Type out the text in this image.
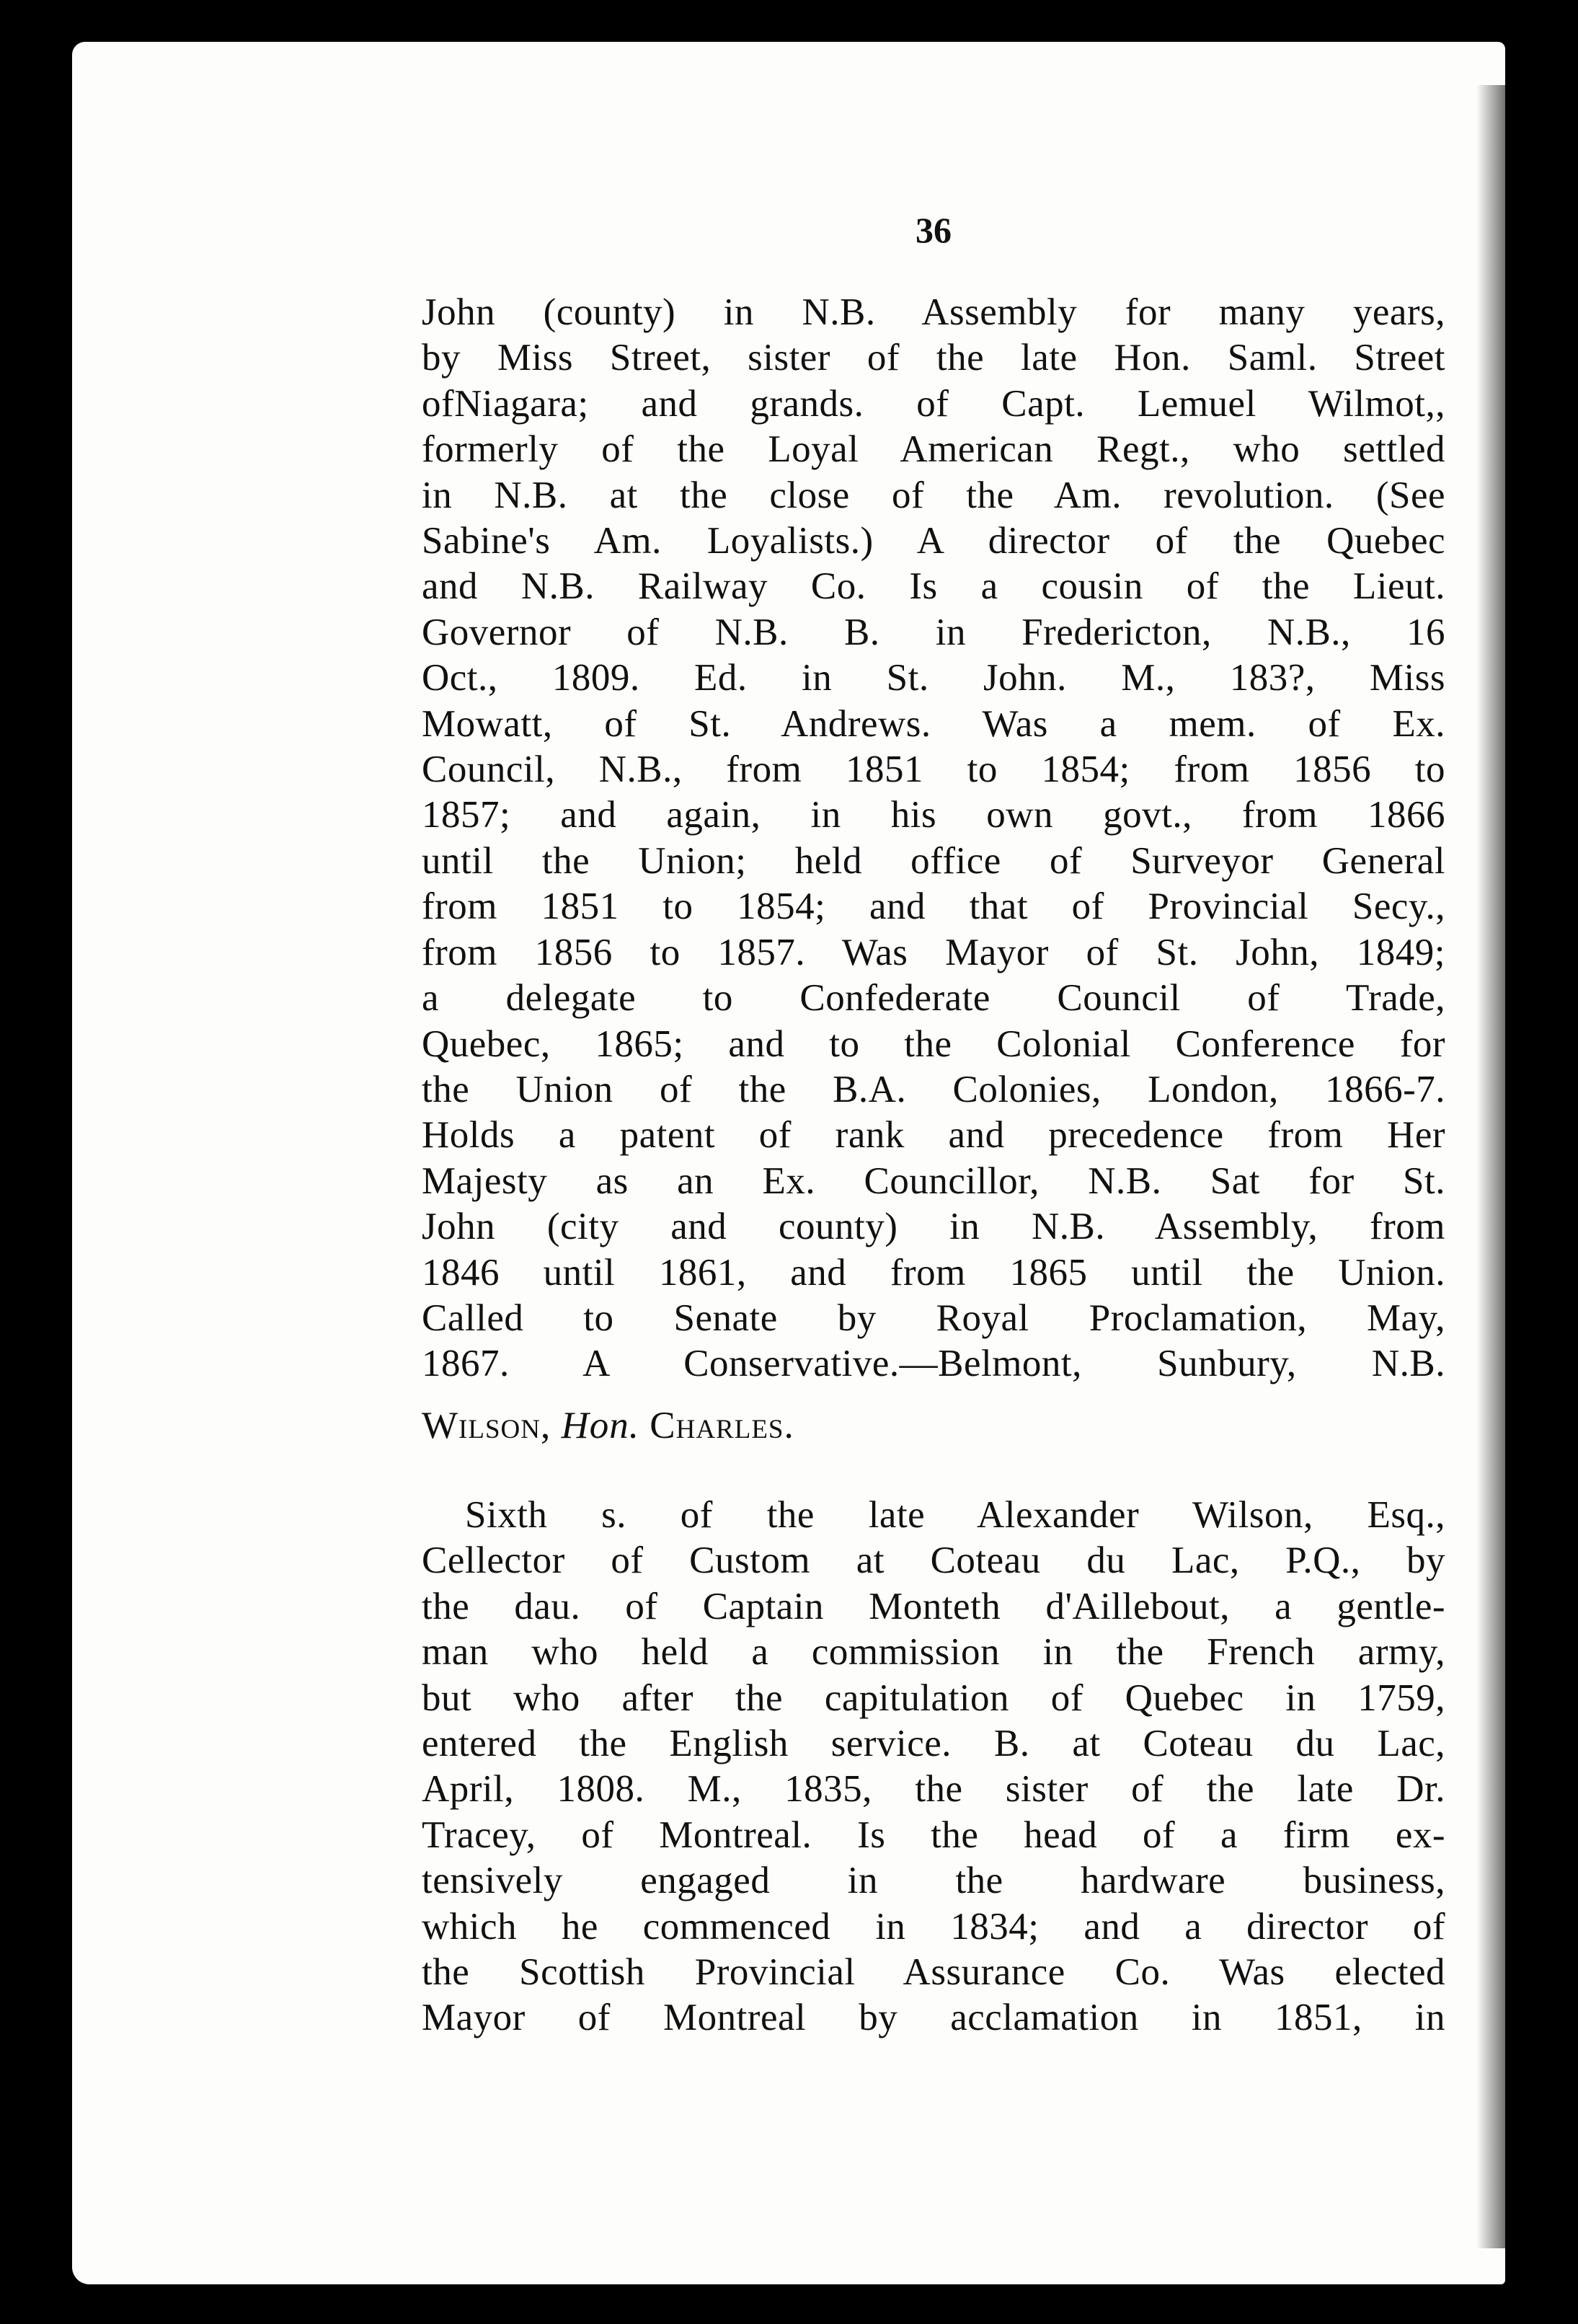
36
John (county) in N.B. Assembly for many years,
by Miss Street, sister of the late Hon. Saml. Street
ofNiagara; and grands. of Capt. Lemuel Wilmot,,
formerly of the Loyal American Regt., who settled
in N.B. at the close of the Am. revolution. (See
Sabine's Am. Loyalists.) A director of the Quebec
and N.B. Railway Co. Is a cousin of the Lieut.
Governor of N.B. B. in Fredericton, N.B., 16
Oct., 1809. Ed. in St. John. M., 183?, Miss
Mowatt, of St. Andrews. Was a mem. of Ex.
Council, N.B., from 1851 to 1854; from 1856 to
1857; and again, in his own govt., from 1866
until the Union; held office of Surveyor General
from 1851 to 1854; and that of Provincial Secy.,
from 1856 to 1857. Was Mayor of St. John, 1849;
a delegate to Confederate Council of Trade,
Quebec, 1865; and to the Colonial Conference for
the Union of the B.A. Colonies, London, 1866-7.
Holds a patent of rank and precedence from Her
Majesty as an Ex. Councillor, N.B. Sat for St.
John (city and county) in N.B. Assembly, from
1846 until 1861, and from 1865 until the Union.
Called to Senate by Royal Proclamation, May,
1867. A Conservative.—Belmont, Sunbury, N.B.
Wilson, Hon. Charles.
Sixth s. of the late Alexander Wilson, Esq.,
Cellector of Custom at Coteau du Lac, P.Q., by
the dau. of Captain Monteth d'Aillebout, a gentle-
man who held a commission in the French army,
but who after the capitulation of Quebec in 1759,
entered the English service. B. at Coteau du Lac,
April, 1808. M., 1835, the sister of the late Dr.
Tracey, of Montreal. Is the head of a firm ex-
tensively engaged in the hardware business,
which he commenced in 1834; and a director of
the Scottish Provincial Assurance Co. Was elected
Mayor of Montreal by acclamation in 1851, in
